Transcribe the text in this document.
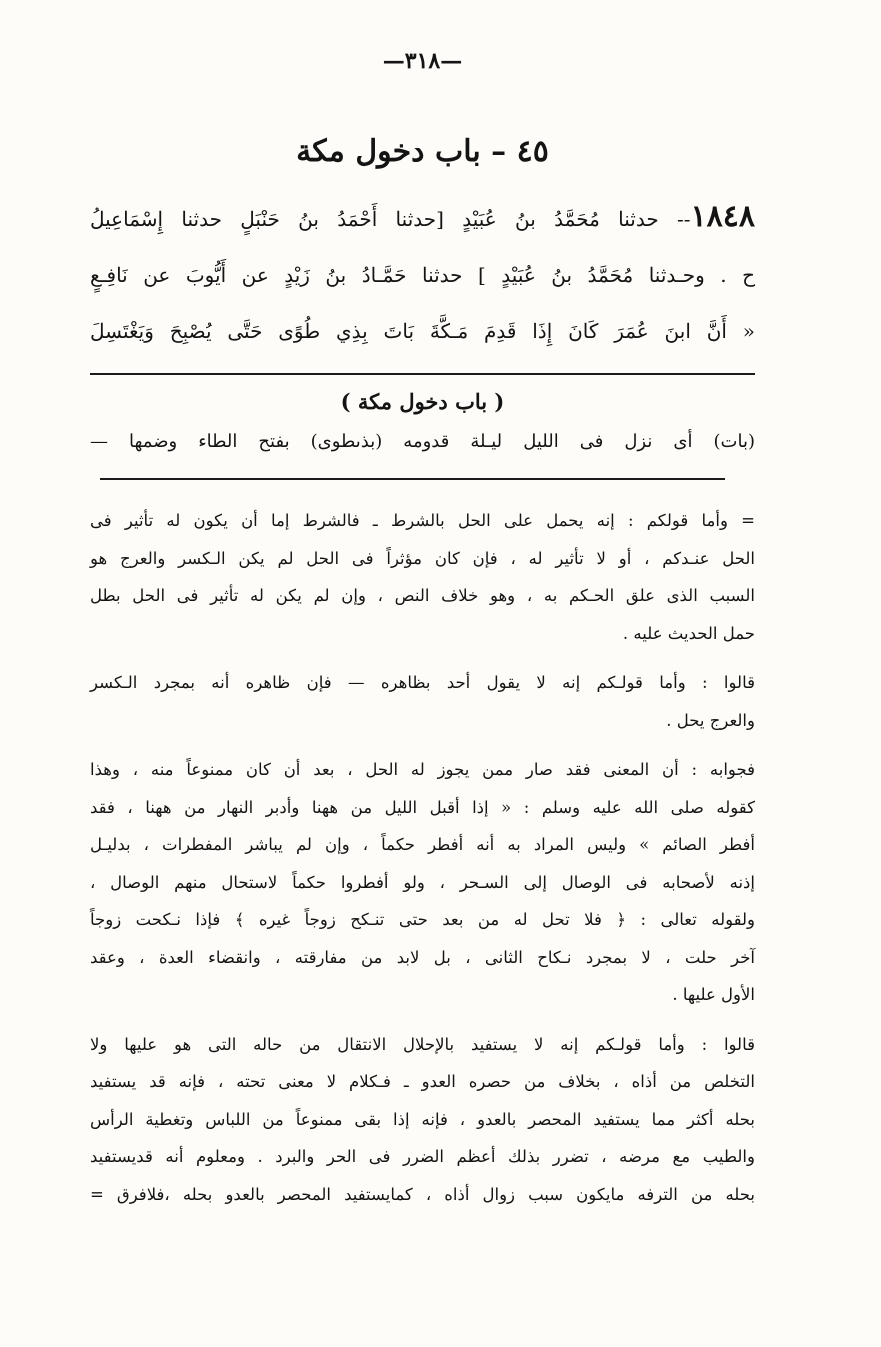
—٣١٨—
٤٥ – باب دخول مكة
١٨٤٨-- حدثنا مُحَمَّدُ بنُ عُبَيْدٍ [حدثنا أَحْمَدُ بنُ حَنْبَلٍ حدثنا إِسْمَاعِيلُ
ح . وحـدثنا مُحَمَّدُ بنُ عُبَيْدٍ ] حدثنا حَمَّـادُ بنُ زَيْدٍ عن أَيُّوبَ عن نَافِـعٍ
« أَنَّ ابنَ عُمَرَ كَانَ إِذَا قَدِمَ مَـكَّةَ بَاتَ بِذِي طُوًى حَتَّى يُصْبِحَ وَيَغْتَسِلَ
( باب دخول مكة )
(بات) أى نزل فى الليل ليـلة قدومه (بذىطوى) بفتح الطاء وضمها —

= وأما قولكم : إنه يحمل على الحل بالشرط ـ فالشرط إما أن يكون له تأثير فى
الحل عنـدكم ، أو لا تأثير له ، فإن كان مؤثراً فى الحل لم يكن الـكسر والعرج هو
السبب الذى علق الحـكم به ، وهو خلاف النص ، وإن لم يكن له تأثير فى الحل بطل
حمل الحديث عليه .

قالوا : وأما قولـكم إنه لا يقول أحد بظاهره — فإن ظاهره أنه بمجرد الـكسر
والعرج يحل .

فجوابه : أن المعنى فقد صار ممن يجوز له الحل ، بعد أن كان ممنوعاً منه ، وهذا
كقوله صلى الله عليه وسلم : « إذا أقبل الليل من ههنا وأدبر النهار من ههنا ، فقد
أفطر الصائم » وليس المراد به أنه أفطر حكماً ، وإن لم يباشر المفطرات ، بدليـل
إذنه لأصحابه فى الوصال إلى السـحر ، ولو أفطروا حكماً لاستحال منهم الوصال ،
ولقوله تعالى : ﴿ فلا تحل له من بعد حتى تنـكح زوجاً غيره ﴾ فإذا نـكحت زوجاً
آخر حلت ، لا بمجرد نـكاح الثانى ، بل لابد من مفارقته ، وانقضاء العدة ، وعقد
الأول عليها .

قالوا : وأما قولـكم إنه لا يستفيد بالإحلال الانتقال من حاله التى هو عليها ولا
التخلص من أذاه ، بخلاف من حصره العدو ـ فـكلام لا معنى تحته ، فإنه قد يستفيد
بحله أكثر مما يستفيد المحصر بالعدو ، فإنه إذا بقى ممنوعاً من اللباس وتغطية الرأس
والطيب مع مرضه ، تضرر بذلك أعظم الضرر فى الحر والبرد . ومعلوم أنه قديستفيد
بحله من الترفه مايكون سبب زوال أذاه ، كمايستفيد المحصر بالعدو بحله ،فلافرق =
